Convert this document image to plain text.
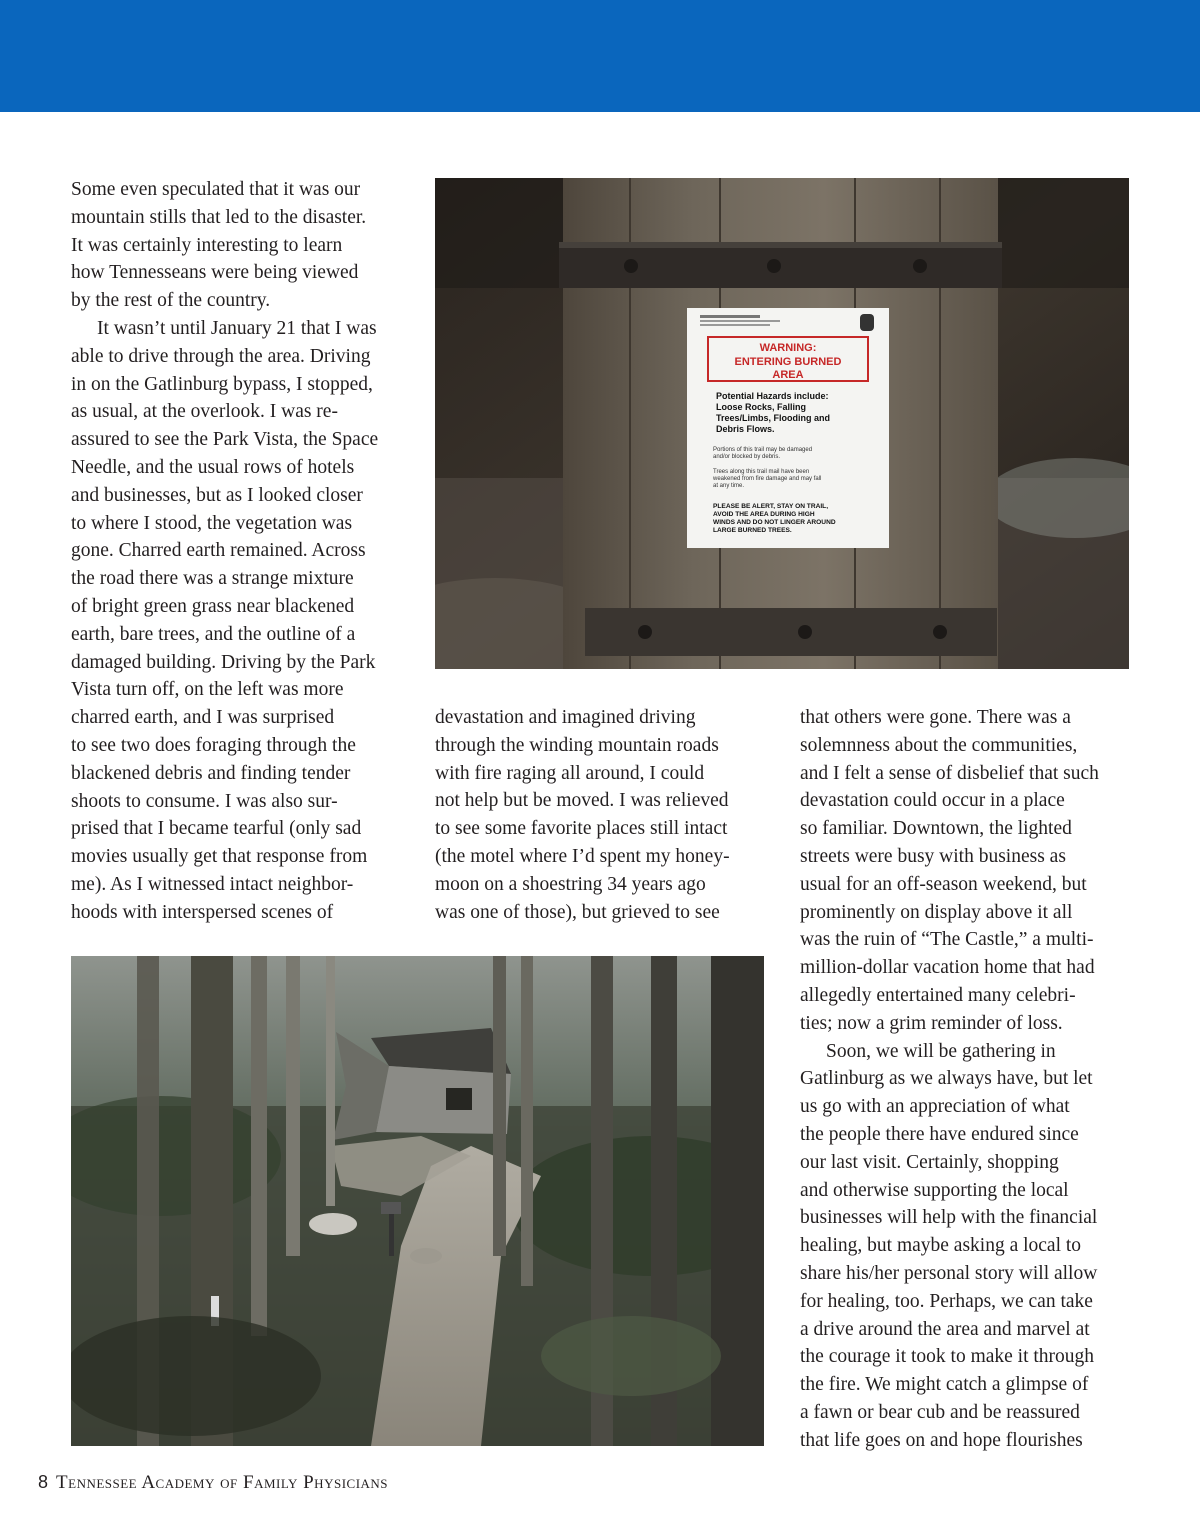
Some even speculated that it was our
mountain stills that led to the disaster.
It was certainly interesting to learn
how Tennesseans were being viewed
by the rest of the country.
It wasn’t until January 21 that I was
able to drive through the area. Driving
in on the Gatlinburg bypass, I stopped,
as usual, at the overlook. I was re-
assured to see the Park Vista, the Space
Needle, and the usual rows of hotels
and businesses, but as I looked closer
to where I stood, the vegetation was
gone. Charred earth remained. Across
the road there was a strange mixture
of bright green grass near blackened
earth, bare trees, and the outline of a
damaged building. Driving by the Park
Vista turn off, on the left was more
charred earth, and I was surprised
to see two does foraging through the
blackened debris and finding tender
shoots to consume. I was also sur-
prised that I became tearful (only sad
movies usually get that response from
me). As I witnessed intact neighbor-
hoods with interspersed scenes of
devastation and imagined driving
through the winding mountain roads
with fire raging all around, I could
not help but be moved. I was relieved
to see some favorite places still intact
(the motel where I’d spent my honey-
moon on a shoestring 34 years ago
was one of those), but grieved to see
that others were gone. There was a
solemnness about the communities,
and I felt a sense of disbelief that such
devastation could occur in a place
so familiar. Downtown, the lighted
streets were busy with business as
usual for an off-season weekend, but
prominently on display above it all
was the ruin of “The Castle,” a multi-
million-dollar vacation home that had
allegedly entertained many celebri-
ties; now a grim reminder of loss.
Soon, we will be gathering in
Gatlinburg as we always have, but let
us go with an appreciation of what
the people there have endured since
our last visit. Certainly, shopping
and otherwise supporting the local
businesses will help with the financial
healing, but maybe asking a local to
share his/her personal story will allow
for healing, too. Perhaps, we can take
a drive around the area and marvel at
the courage it took to make it through
the fire. We might catch a glimpse of
a fawn or bear cub and be reassured
that life goes on and hope flourishes
WARNING:
ENTERING BURNED
AREA
Potential Hazards include:
Loose Rocks, Falling
Trees/Limbs, Flooding and
Debris Flows.
Portions of this trail may be damaged
and/or blocked by debris.
Trees along this trail mail have been
weakened from fire damage and may fall
at any time.
PLEASE BE ALERT, STAY ON TRAIL,
AVOID THE AREA DURING HIGH
WINDS AND DO NOT LINGER AROUND
LARGE BURNED TREES.
8 Tennessee Academy of Family Physicians
